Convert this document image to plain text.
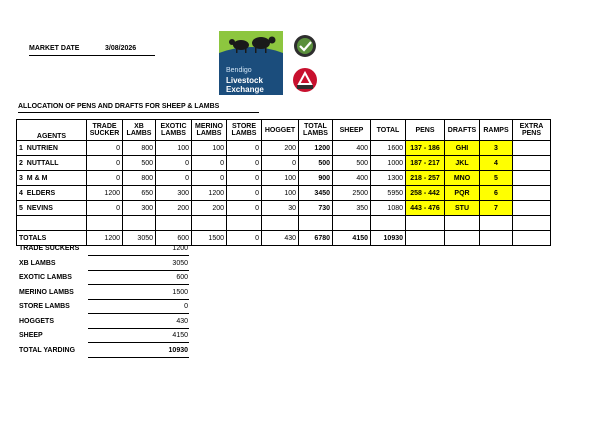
MARKET DATE	3/08/2026
Bendigo
Livestock
Exchange
ALLOCATION OF PENS AND DRAFTS FOR SHEEP & LAMBS
AGENTS	TRADE SUCKER	XB LAMBS	EXOTIC LAMBS	MERINO LAMBS	STORE LAMBS	HOGGET	TOTAL LAMBS	SHEEP	TOTAL	PENS	DRAFTS	RAMPS	EXTRA PENS
1 NUTRIEN	0	800	100	100	0	200	1200	400	1600	137 - 186	GHI	3	
2 NUTTALL	0	500	0	0	0	0	500	500	1000	187 - 217	JKL	4	
3 M & M	0	800	0	0	0	100	900	400	1300	218 - 257	MNO	5	
4 ELDERS	1200	650	300	1200	0	100	3450	2500	5950	258 - 442	PQR	6	
5 NEVINS	0	300	200	200	0	30	730	350	1080	443 - 476	STU	7	

TOTALS	1200	3050	600	1500	0	430	6780	4150	10930				
TRADE SUCKERS	1200
XB LAMBS	3050
EXOTIC LAMBS	600
MERINO LAMBS	1500
STORE LAMBS	0
HOGGETS	430
SHEEP	4150
TOTAL YARDING	10930
